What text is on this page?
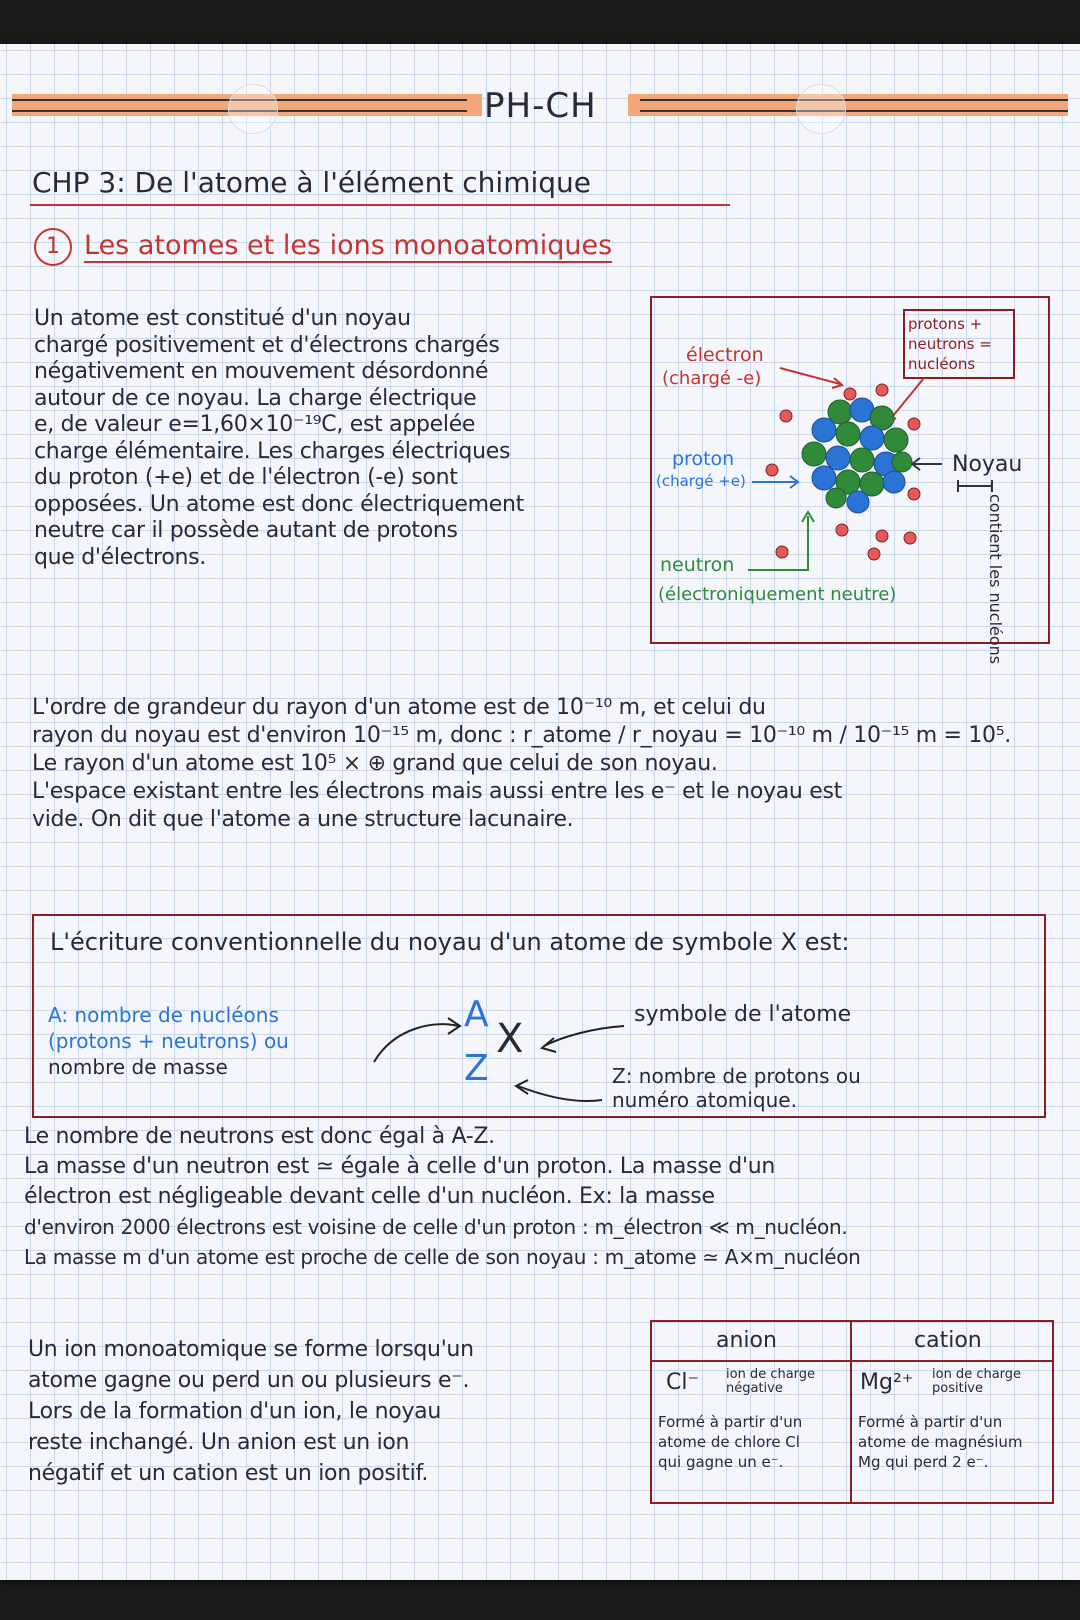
PH-CH
CHP 3: De l'atome à l'élément chimique
1 Les atomes et les ions monoatomiques

Un atome est constitué d'un noyau

chargé positivement et d'électrons chargés

négativement en mouvement désordonné

autour de ce noyau. La charge électrique

e, de valeur e=1,60×10⁻¹⁹C, est appelée

charge élémentaire. Les charges électriques

du proton (+e) et de l'électron (-e) sont

opposées. Un atome est donc électriquement

neutre car il possède autant de protons

que d'électrons.

protons +
neutrons =
nucléons
électron
(chargé -e)
proton
(chargé +e)
Noyau
contient les nucléons
neutron
(électroniquement neutre)

L'ordre de grandeur du rayon d'un atome est de 10⁻¹⁰ m, et celui du

rayon du noyau est d'environ 10⁻¹⁵ m, donc : r_atome / r_noyau = 10⁻¹⁰ m / 10⁻¹⁵ m = 10⁵.

Le rayon d'un atome est 10⁵ × ⊕ grand que celui de son noyau.

L'espace existant entre les électrons mais aussi entre les e⁻ et le noyau est

vide. On dit que l'atome a une structure lacunaire.

L'écriture conventionnelle du noyau d'un atome de symbole X est:
A: nombre de nucléons
(protons + neutrons) ou
nombre de masse
A
X
Z
symbole de l'atome
Z: nombre de protons ou
numéro atomique.

Le nombre de neutrons est donc égal à A-Z.

La masse d'un neutron est ≃ égale à celle d'un proton. La masse d'un

électron est négligeable devant celle d'un nucléon. Ex: la masse

d'environ 2000 électrons est voisine de celle d'un proton : m_électron ≪ m_nucléon.

La masse m d'un atome est proche de celle de son noyau : m_atome ≃ A×m_nucléon

Un ion monoatomique se forme lorsqu'un

atome gagne ou perd un ou plusieurs e⁻.

Lors de la formation d'un ion, le noyau

reste inchangé. Un anion est un ion

négatif et un cation est un ion positif.

anion	cation
Cl⁻ ion de charge négative	Mg²⁺ ion de charge positive
Formé à partir d'un
atome de chlore Cl
qui gagne un e⁻.
Formé à partir d'un
atome de magnésium
Mg qui perd 2 e⁻.
